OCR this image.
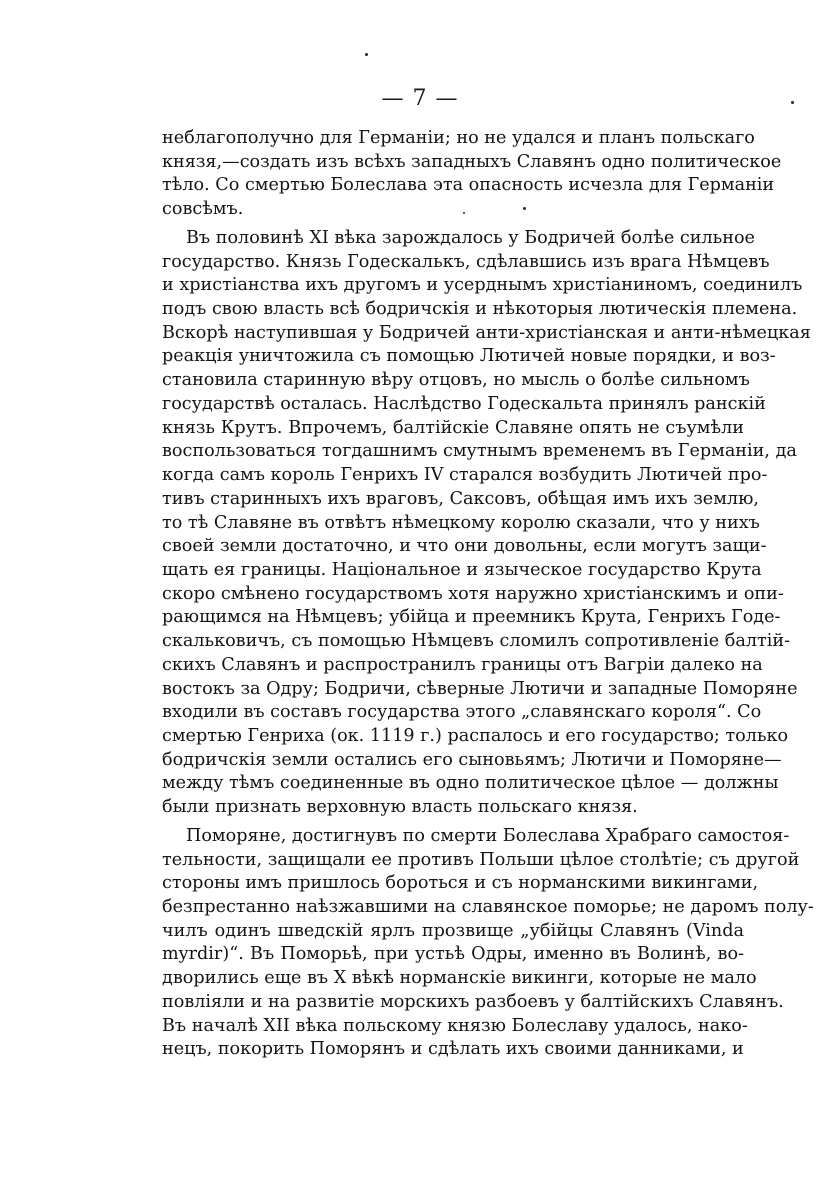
— 7 —
неблагополучно для Германіи; но не удался и планъ польскаго
князя,—создать изъ всѣхъ западныхъ Славянъ одно политическое
тѣло. Со смертью Болеслава эта опасность исчезла для Германіи
совсѣмъ.
Въ половинѣ XI вѣка зарождалось у Бодричей болѣе сильное
государство. Князь Годескалькъ, сдѣлавшись изъ врага Нѣмцевъ
и христіанства ихъ другомъ и усерднымъ христіаниномъ, соединилъ
подъ свою власть всѣ бодричскія и нѣкоторыя лютическія племена.
Вскорѣ наступившая у Бодричей анти-христіанская и анти-нѣмецкая
реакція уничтожила съ помощью Лютичей новые порядки, и воз-
становила старинную вѣру отцовъ, но мысль о болѣе сильномъ
государствѣ осталась. Наслѣдство Годескальта принялъ ранскій
князь Крутъ. Впрочемъ, балтійскіе Славяне опять не съумѣли
воспользоваться тогдашнимъ смутнымъ временемъ въ Германіи, да
когда самъ король Генрихъ IV старался возбудить Лютичей про-
тивъ старинныхъ ихъ враговъ, Саксовъ, обѣщая имъ ихъ землю,
то тѣ Славяне въ отвѣтъ нѣмецкому королю сказали, что у нихъ
своей земли достаточно, и что они довольны, если могутъ защи-
щать ея границы. Національное и языческое государство Крута
скоро смѣнено государствомъ хотя наружно христіанскимъ и опи-
рающимся на Нѣмцевъ; убійца и преемникъ Крута, Генрихъ Годе-
скальковичъ, съ помощью Нѣмцевъ сломилъ сопротивленіе балтій-
скихъ Славянъ и распространилъ границы отъ Вагріи далеко на
востокъ за Одру; Бодричи, сѣверные Лютичи и западные Поморяне
входили въ составъ государства этого „славянскаго короля“. Со
смертью Генриха (ок. 1119 г.) распалось и его государство; только
бодричскія земли остались его сыновьямъ; Лютичи и Поморяне—
между тѣмъ соединенные въ одно политическое цѣлое — должны
были признать верховную власть польскаго князя.
Поморяне, достигнувъ по смерти Болеслава Храбраго самостоя-
тельности, защищали ее противъ Польши цѣлое столѣтіе; съ другой
стороны имъ пришлось бороться и съ норманскими викингами,
безпрестанно наѣзжавшими на славянское поморье; не даромъ полу-
чилъ одинъ шведскій ярлъ прозвище „убійцы Славянъ (Vinda
myrdir)“. Въ Поморьѣ, при устьѣ Одры, именно въ Волинѣ, во-
дворились еще въ X вѣкѣ норманскіе викинги, которые не мало
повліяли и на развитіе морскихъ разбоевъ у балтійскихъ Славянъ.
Въ началѣ XII вѣка польскому князю Болеславу удалось, нако-
нецъ, покорить Поморянъ и сдѣлать ихъ своими данниками, и
